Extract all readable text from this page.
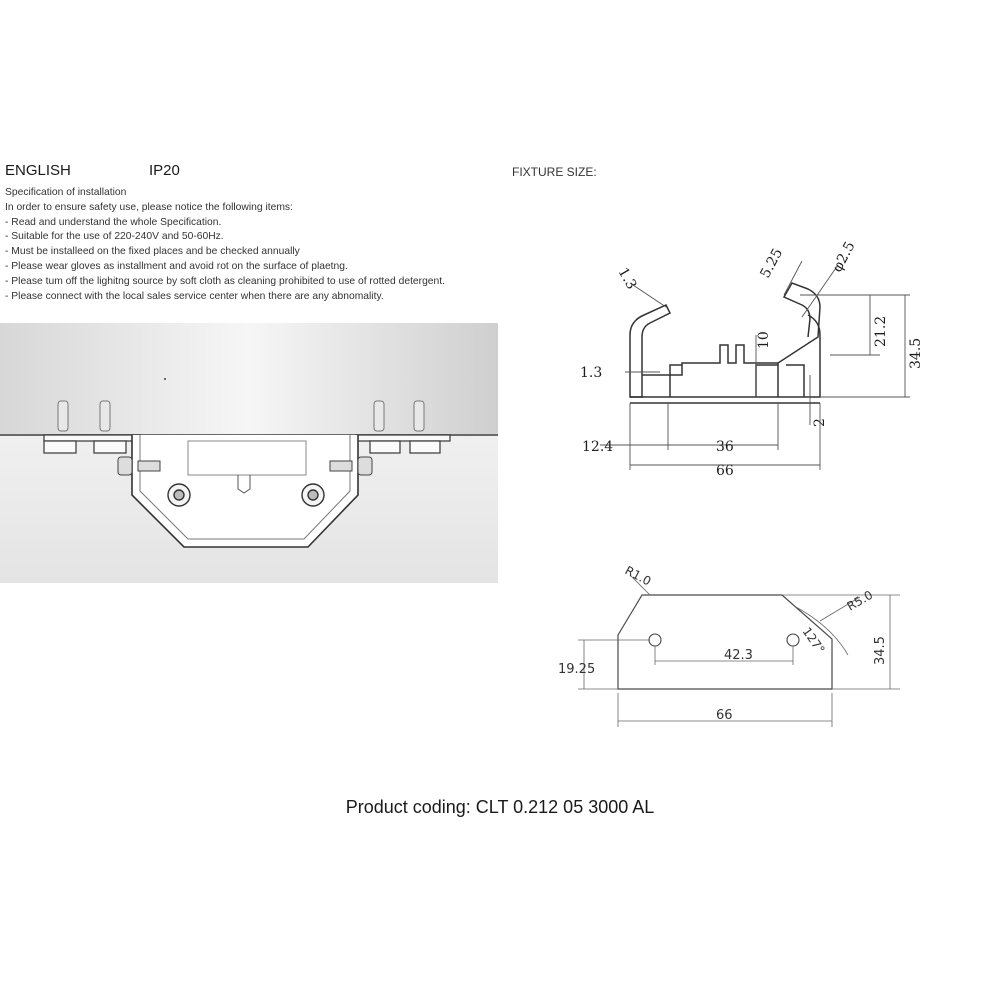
ENGLISH	IP20	FIXTURE SIZE:
Specification of installation
In order to ensure safety use, please notice the following items:
- Read and understand the whole Specification.
- Suitable for the use of 220-240V and 50-60Hz.
- Must be installeed on the fixed places and be checked annually
- Please wear gloves as installment and avoid rot on the surface of plaetng.
- Please tum off the lighitng source by soft cloth as cleaning prohibited to use of rotted detergent.
- Please connect with the local sales service center when there are any abnomality.
1.3	5.25	φ2.5
21.2
34.5
1.3
10
2
12.4	36
66
R1.0
R5.0
127°
19.25
42.3	34.5
66
Product coding: CLT 0.212 05 3000 AL
